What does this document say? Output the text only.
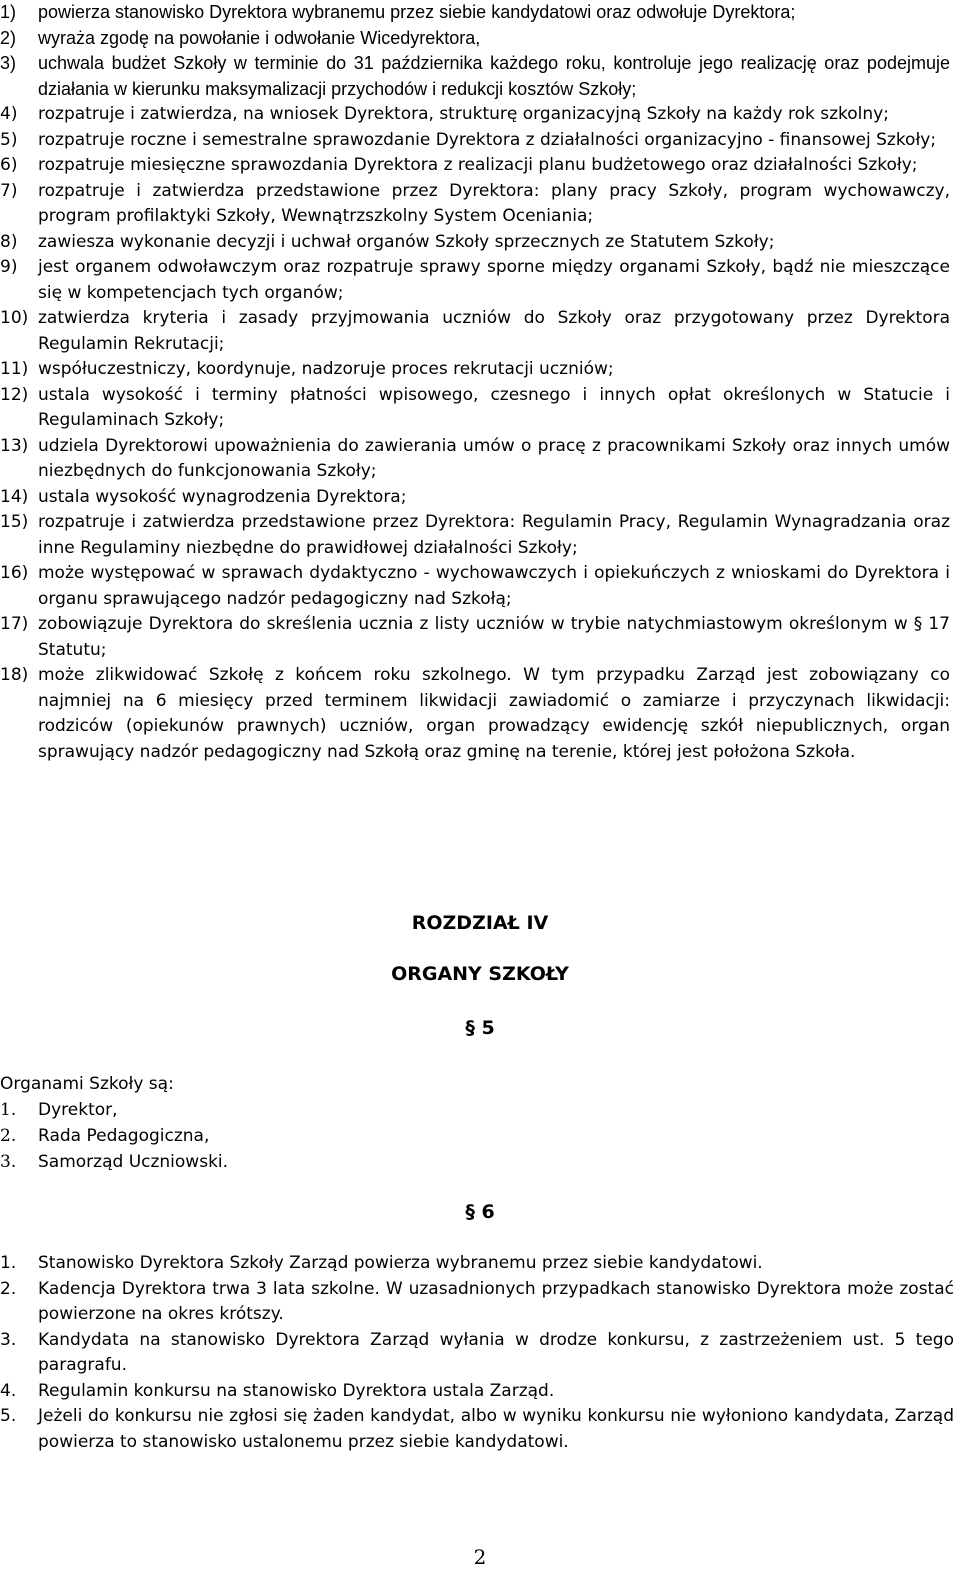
1)	powierza stanowisko Dyrektora wybranemu przez siebie kandydatowi oraz odwołuje Dyrektora;
2)	wyraża zgodę na powołanie i odwołanie Wicedyrektora,
3)	uchwala budżet Szkoły w terminie do 31 października każdego roku, kontroluje jego realizację oraz podejmuje działania w kierunku maksymalizacji przychodów i redukcji kosztów Szkoły;
4)	rozpatruje i zatwierdza, na wniosek Dyrektora, strukturę organizacyjną Szkoły na każdy rok szkolny;
5)	rozpatruje roczne i semestralne sprawozdanie Dyrektora z działalności organizacyjno - finansowej Szkoły;
6)	rozpatruje miesięczne sprawozdania Dyrektora z realizacji planu budżetowego oraz działalności Szkoły;
7)	rozpatruje i zatwierdza przedstawione przez Dyrektora: plany pracy Szkoły, program wychowawczy, program profilaktyki Szkoły, Wewnątrzszkolny System Oceniania;
8)	zawiesza wykonanie decyzji i uchwał organów Szkoły sprzecznych ze Statutem Szkoły;
9)	jest organem odwoławczym oraz rozpatruje sprawy sporne między organami Szkoły, bądź nie mieszczące się w kompetencjach tych organów;
10) zatwierdza kryteria i zasady przyjmowania uczniów do Szkoły oraz przygotowany przez Dyrektora Regulamin Rekrutacji;
11) współuczestniczy, koordynuje, nadzoruje proces rekrutacji uczniów;
12) ustala wysokość i terminy płatności wpisowego, czesnego i innych opłat określonych w Statucie i Regulaminach Szkoły;
13) udziela Dyrektorowi upoważnienia do zawierania umów o pracę z pracownikami Szkoły oraz innych umów niezbędnych do funkcjonowania Szkoły;
14) ustala wysokość wynagrodzenia Dyrektora;
15) rozpatruje i zatwierdza przedstawione przez Dyrektora: Regulamin Pracy, Regulamin Wynagradzania oraz inne Regulaminy niezbędne do prawidłowej działalności Szkoły;
16) może występować w sprawach dydaktyczno - wychowawczych i opiekuńczych z wnioskami do Dyrektora i organu sprawującego nadzór pedagogiczny nad Szkołą;
17) zobowiązuje Dyrektora do skreślenia ucznia z listy uczniów w trybie natychmiastowym określonym w § 17 Statutu;
18) może zlikwidować Szkołę z końcem roku szkolnego. W tym przypadku Zarząd jest zobowiązany co najmniej na 6 miesięcy przed terminem likwidacji zawiadomić o zamiarze i przyczynach likwidacji: rodziców (opiekunów prawnych) uczniów, organ prowadzący ewidencję szkół niepublicznych, organ sprawujący nadzór pedagogiczny nad Szkołą oraz gminę na terenie, której jest położona Szkoła.
ROZDZIAŁ IV
ORGANY SZKOŁY
§ 5
Organami Szkoły są:
1. Dyrektor,
2. Rada Pedagogiczna,
3. Samorząd Uczniowski.
§ 6
1.	Stanowisko Dyrektora Szkoły Zarząd powierza wybranemu przez siebie kandydatowi.
2.	Kadencja Dyrektora trwa 3 lata szkolne. W uzasadnionych przypadkach stanowisko Dyrektora może zostać powierzone na okres krótszy.
3.	Kandydata na stanowisko Dyrektora Zarząd wyłania w drodze konkursu, z zastrzeżeniem ust. 5 tego paragrafu.
4.	Regulamin konkursu na stanowisko Dyrektora ustala Zarząd.
5.	Jeżeli do konkursu nie zgłosi się żaden kandydat, albo w wyniku konkursu nie wyłoniono kandydata, Zarząd powierza to stanowisko ustalonemu przez siebie kandydatowi.
2
